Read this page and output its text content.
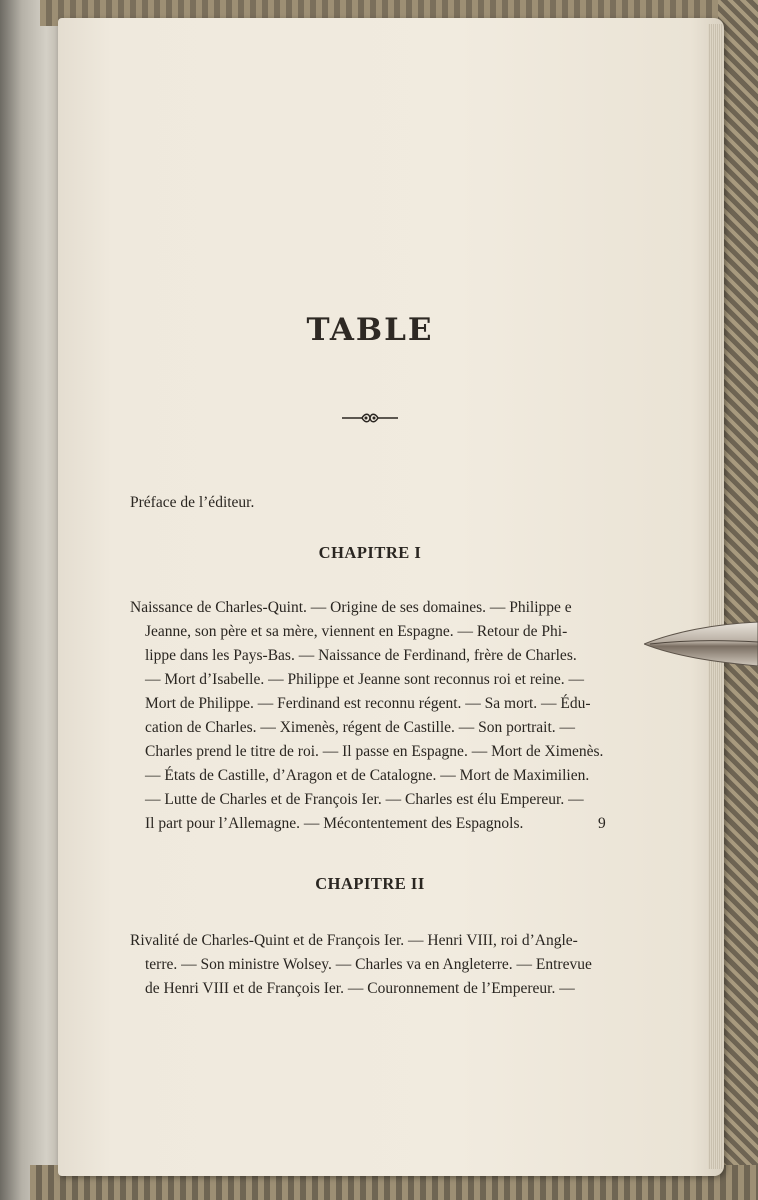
TABLE
Préface de l’éditeur.
CHAPITRE I
Naissance de Charles-Quint. — Origine de ses domaines. — Philippe e
Jeanne, son père et sa mère, viennent en Espagne. — Retour de Phi-
lippe dans les Pays-Bas. — Naissance de Ferdinand, frère de Charles.
— Mort d’Isabelle. — Philippe et Jeanne sont reconnus roi et reine. —
Mort de Philippe. — Ferdinand est reconnu régent. — Sa mort. — Édu-
cation de Charles. — Ximenès, régent de Castille. — Son portrait. —
Charles prend le titre de roi. — Il passe en Espagne. — Mort de Ximenès.
— États de Castille, d’Aragon et de Catalogne. — Mort de Maximilien.
— Lutte de Charles et de François Ier. — Charles est élu Empereur. —
Il part pour l’Allemagne. — Mécontentement des Espagnols.	9
CHAPITRE II
Rivalité de Charles-Quint et de François Ier. — Henri VIII, roi d’Angle-
terre. — Son ministre Wolsey. — Charles va en Angleterre. — Entrevue
de Henri VIII et de François Ier. — Couronnement de l’Empereur. —
